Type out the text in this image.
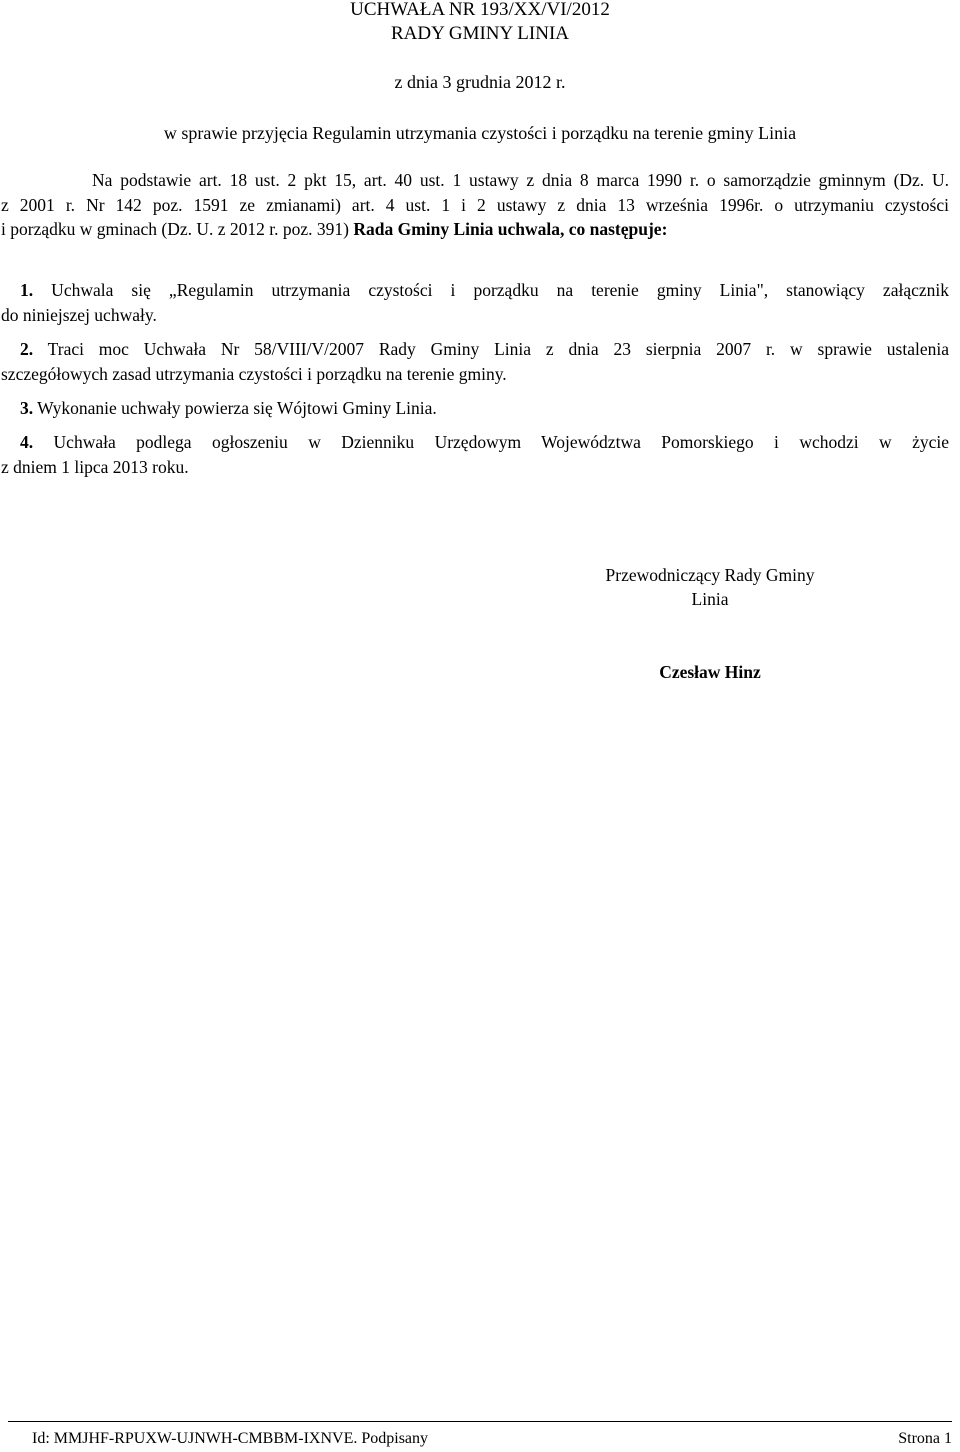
UCHWAŁA NR 193/XX/VI/2012
RADY GMINY LINIA
z dnia 3 grudnia 2012 r.
w sprawie przyjęcia Regulamin utrzymania czystości i porządku na terenie gminy Linia
Na podstawie art. 18 ust. 2 pkt 15, art. 40 ust. 1 ustawy z dnia 8 marca 1990 r. o samorządzie gminnym (Dz. U.
z 2001 r. Nr 142 poz. 1591 ze zmianami) art. 4 ust. 1 i 2 ustawy z dnia 13 września 1996r. o utrzymaniu czystości
i porządku w gminach (Dz. U. z 2012 r. poz. 391) Rada Gminy Linia uchwala, co następuje:
1. Uchwala się „Regulamin utrzymania czystości i porządku na terenie gminy Linia", stanowiący załącznik
do niniejszej uchwały.
2. Traci moc Uchwała Nr 58/VIII/V/2007 Rady Gminy Linia z dnia 23 sierpnia 2007 r. w sprawie ustalenia
szczegółowych zasad utrzymania czystości i porządku na terenie gminy.
3. Wykonanie uchwały powierza się Wójtowi Gminy Linia.
4. Uchwała podlega ogłoszeniu w Dzienniku Urzędowym Województwa Pomorskiego i wchodzi w życie
z dniem 1 lipca 2013 roku.
Przewodniczący Rady Gminy
Linia
Czesław Hinz
Id: MMJHF-RPUXW-UJNWH-CMBBM-IXNVE. Podpisany	Strona 1
